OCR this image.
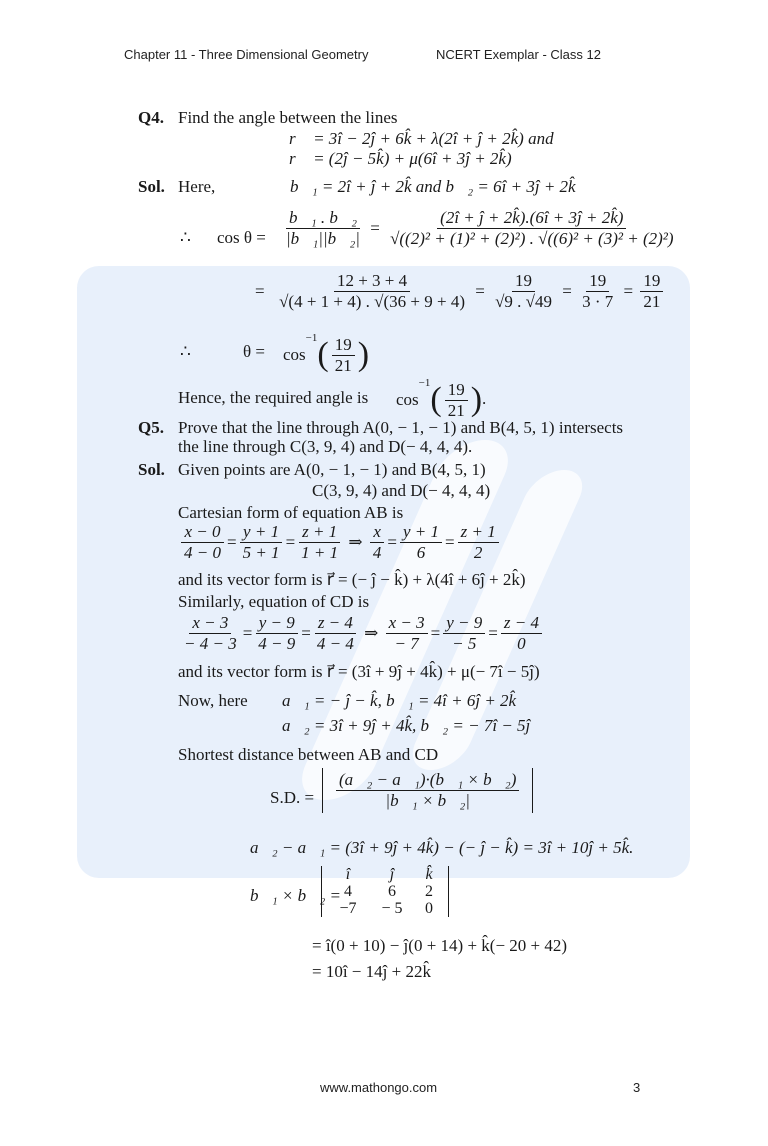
Chapter 11 - Three Dimensional Geometry	NCERT Exemplar - Class 12
Q4. Find the angle between the lines
r⃗ = 3î − 2ĵ + 6k̂ + λ(2î + ĵ + 2k̂) and
r⃗ = (2ĵ − 5k̂) + μ(6î + 3ĵ + 2k̂)
Sol. Here,	b⃗₁ = 2î + ĵ + 2k̂ and b⃗₂ = 6î + 3ĵ + 2k̂
∴ $\cos \theta = \frac{\text{b⃗₁ . b⃗₂}}{\text{|b⃗₁||b⃗₂|}} = \frac{(2î + ĵ + 2k̂).(6î + 3ĵ + 2k̂)}{\text{√((2)² + (1)² + (2)²) . √((6)² + (3)² + (2)²)}}$
= $\frac{12 + 3 + 4}{√(4 + 1 + 4) . √(36 + 9 + 4)} = \frac{19}{√9 . √49} = \frac{19}{3 \cdot 7} = \frac{19}{21}$
∴	$\theta = \cos^{-1}( \frac{19}{21}$ )
Hence, the required angle is $\cos^{-1}( \frac{19}{21}$ ).
Q5. Prove that the line through A(0, − 1, − 1) and B(4, 5, 1) intersects
the line through C(3, 9, 4) and D(− 4, 4, 4).
Sol. Given points are A(0, − 1, − 1) and B(4, 5, 1)
C(3, 9, 4) and D(− 4, 4, 4)
Cartesian form of equation AB is
$\frac{x - 0}{4 - 0} = \frac{y + 1}{5 + 1} = \frac{z + 1}{1 + 1}$ ⇒ $\frac{x}{4} = \frac{y + 1}{6} = \frac{z + 1}{2}$
and its vector form is r⃗ = (− ĵ − k̂) + λ(4î + 6ĵ + 2k̂)
Similarly, equation of CD is
$\frac{x - 3}{- 4 - 3} = \frac{y - 9}{4 - 9} = \frac{z - 4}{4 - 4}$ ⇒ $\frac{x - 3}{- 7} = \frac{y - 9}{- 5} = \frac{z - 4}{0}$
and its vector form is r⃗ = (3î + 9ĵ + 4k̂) + μ(− 7î − 5ĵ)
Now, here a⃗₁ = − ĵ − k̂, b⃗₁ = 4î + 6ĵ + 2k̂
a⃗₂ = 3î + 9ĵ + 4k̂, b⃗₂ = − 7î − 5ĵ
Shortest distance between AB and CD
S.D. = $\frac{\text{(a⃗₂ − a⃗₁)·(b⃗₁ × b⃗₂)}}{\text{|b⃗₁ × b⃗₂|}}$
a⃗₂ − a⃗₁ = (3î + 9ĵ + 4k̂) − (− ĵ − k̂) = 3î + 10ĵ + 5k̂.
b⃗₁ × b⃗₂ =
î	ĵ	k̂
4	6	2
−7	− 5	0
= î(0 + 10) − ĵ(0 + 14) + k̂(− 20 + 42)
= 10î − 14ĵ + 22k̂
www.mathongo.com	3
